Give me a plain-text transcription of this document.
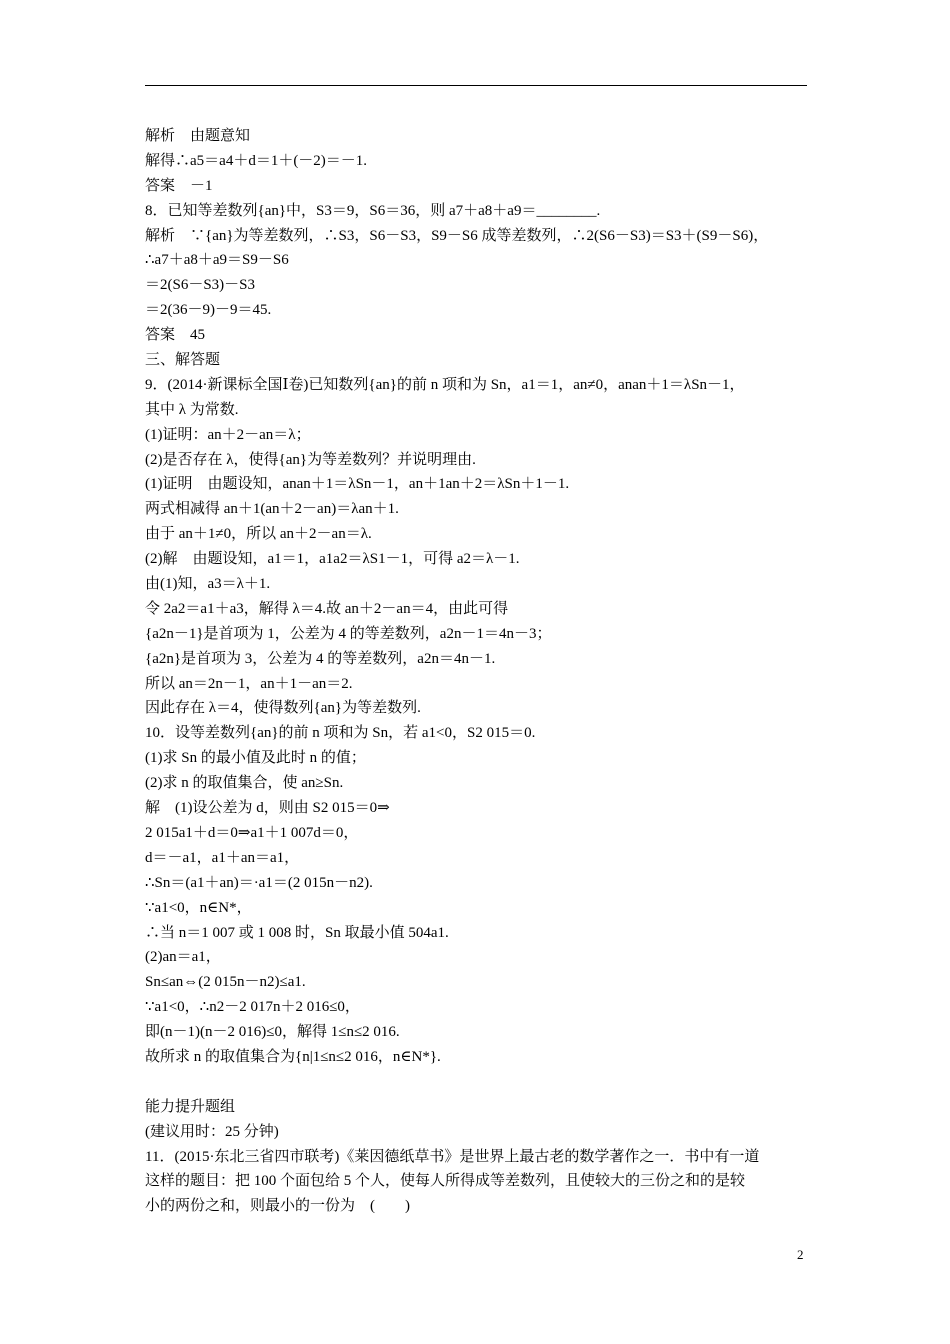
解析　由题意知
解得∴a5＝a4＋d＝1＋(－2)＝－1.
答案　－1
8．已知等差数列{an}中，S3＝9，S6＝36，则 a7＋a8＋a9＝________.
解析　∵{an}为等差数列，∴S3，S6－S3，S9－S6 成等差数列，∴2(S6－S3)＝S3＋(S9－S6)，
∴a7＋a8＋a9＝S9－S6
＝2(S6－S3)－S3
＝2(36－9)－9＝45.
答案　45
三、解答题
9．(2014·新课标全国Ⅰ卷)已知数列{an}的前 n 项和为 Sn，a1＝1，an≠0，anan＋1＝λSn－1，
其中 λ 为常数.
(1)证明：an＋2－an＝λ；
(2)是否存在 λ，使得{an}为等差数列？并说明理由.
(1)证明　由题设知，anan＋1＝λSn－1，an＋1an＋2＝λSn＋1－1.
两式相减得 an＋1(an＋2－an)＝λan＋1.
由于 an＋1≠0，所以 an＋2－an＝λ.
(2)解　由题设知，a1＝1，a1a2＝λS1－1，可得 a2＝λ－1.
由(1)知，a3＝λ＋1.
令 2a2＝a1＋a3，解得 λ＝4.故 an＋2－an＝4，由此可得
{a2n－1}是首项为 1，公差为 4 的等差数列，a2n－1＝4n－3；
{a2n}是首项为 3，公差为 4 的等差数列，a2n＝4n－1.
所以 an＝2n－1，an＋1－an＝2.
因此存在 λ＝4，使得数列{an}为等差数列.
10．设等差数列{an}的前 n 项和为 Sn，若 a1<0，S2 015＝0.
(1)求 Sn 的最小值及此时 n 的值；
(2)求 n 的取值集合，使 an≥Sn.
解　(1)设公差为 d，则由 S2 015＝0⇒
2 015a1＋d＝0⇒a1＋1 007d＝0，
d＝－a1，a1＋an＝a1，
∴Sn＝(a1＋an)＝·a1＝(2 015n－n2).
∵a1<0，n∈N*，
∴当 n＝1 007 或 1 008 时，Sn 取最小值 504a1.
(2)an＝a1，
Sn≤an⇔(2 015n－n2)≤a1.
∵a1<0，∴n2－2 017n＋2 016≤0，
即(n－1)(n－2 016)≤0，解得 1≤n≤2 016.
故所求 n 的取值集合为{n|1≤n≤2 016，n∈N*}.
能力提升题组
(建议用时：25 分钟)
11．(2015·东北三省四市联考)《莱因德纸草书》是世界上最古老的数学著作之一．书中有一道
这样的题目：把 100 个面包给 5 个人，使每人所得成等差数列，且使较大的三份之和的是较
小的两份之和，则最小的一份为　(　　)
2
